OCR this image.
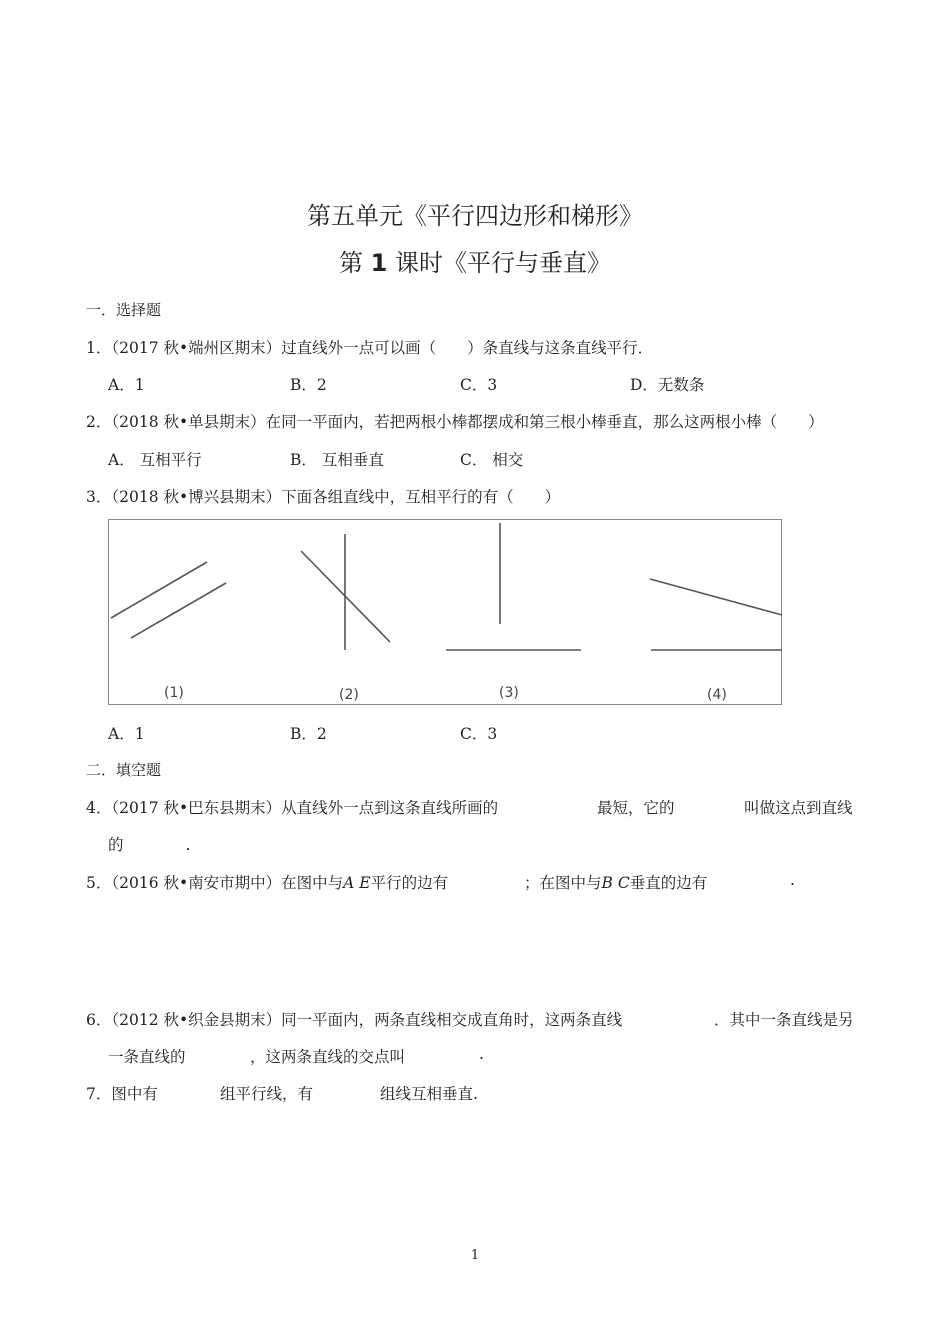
第五单元《平行四边形和梯形》
第 1 课时《平行与垂直》
一．选择题
1．（2017 秋•端州区期末）过直线外一点可以画（　　）条直线与这条直线平行．
A．1	B．2	C．3	D．无数条
2．（2018 秋•单县期末）在同一平面内，若把两根小棒都摆成和第三根小棒垂直，那么这两根小棒（　　）
A． 互相平行	B． 互相垂直	C． 相交
3．（2018 秋•博兴县期末）下面各组直线中，互相平行的有（　　）
(1)	(2)	(3)	(4)
A．1	B．2	C．3
二．填空题
4．（2017 秋•巴东县期末）从直线外一点到这条直线所画的	最短，它的	叫做这点到直线
的　　　　.
5．（2016 秋•南安市期中）在图中与A E平行的边有	；在图中与B C垂直的边有	.
6．（2012 秋•织金县期末）同一平面内，两条直线相交成直角时，这两条直线	．其中一条直线是另
一条直线的	，这两条直线的交点叫	.
7．图中有	组平行线，有	组线互相垂直.
1
